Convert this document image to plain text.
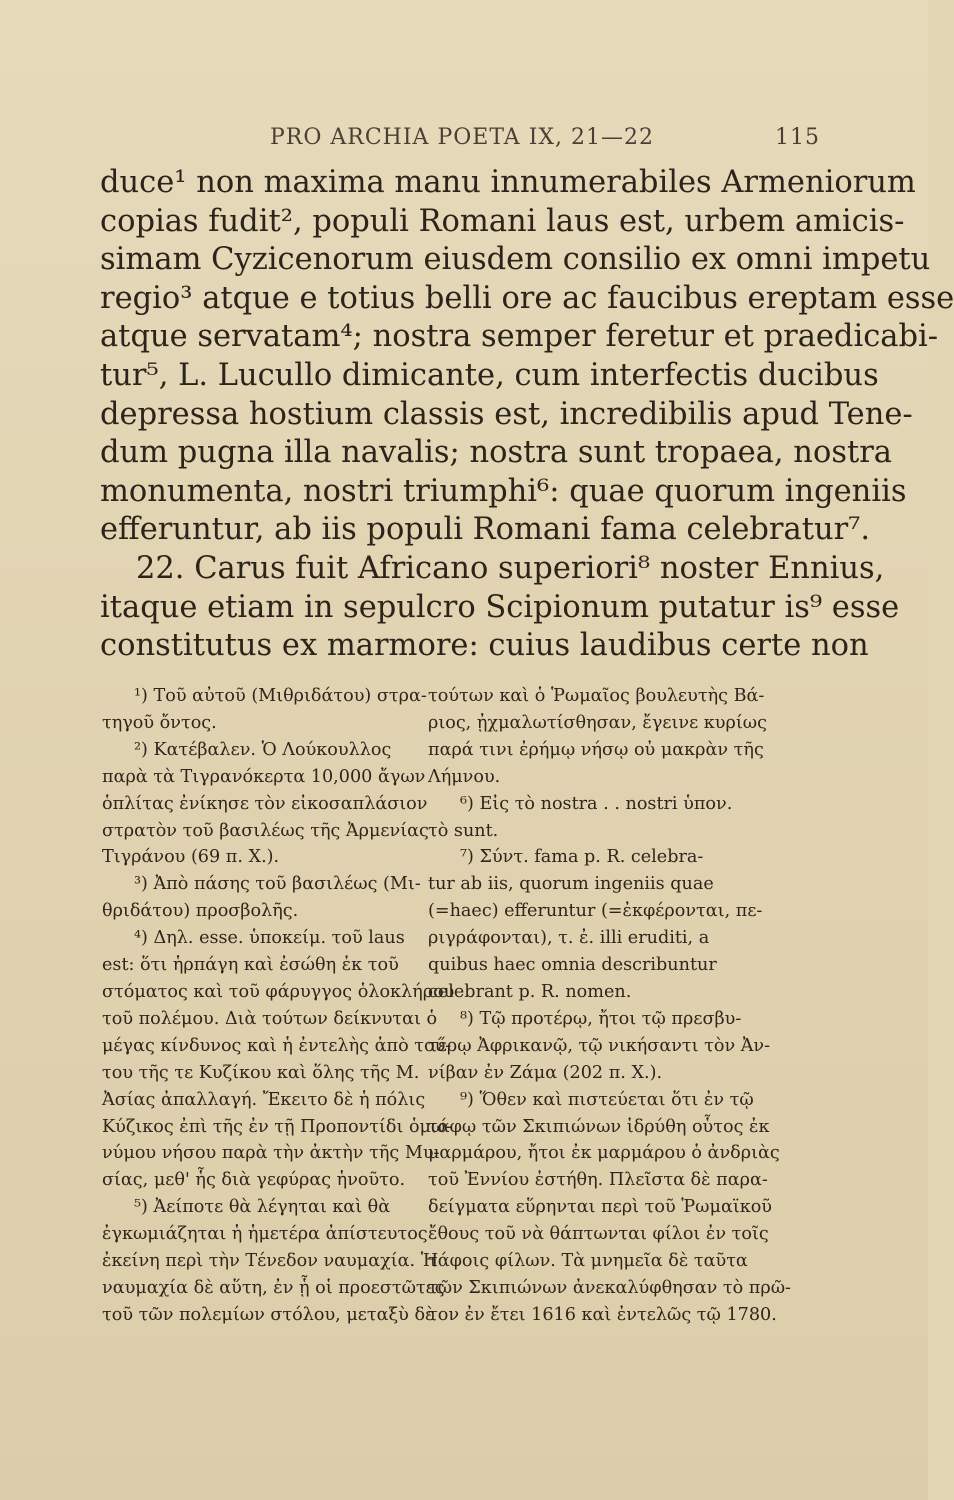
PRO ARCHIA POETA IX, 21—22	115
duce¹ non maxima manu innumerabiles Armeniorum
copias fudit², populi Romani laus est, urbem amicis-
simam Cyzicenorum eiusdem consilio ex omni impetu
regio³ atque e totius belli ore ac faucibus ereptam esse
atque servatam⁴; nostra semper feretur et praedicabi-
tur⁵, L. Lucullo dimicante, cum interfectis ducibus
depressa hostium classis est, incredibilis apud Tene-
dum pugna illa navalis; nostra sunt tropaea, nostra
monumenta, nostri triumphi⁶: quae quorum ingeniis
efferuntur, ab iis populi Romani fama celebratur⁷.
22. Carus fuit Africano superiori⁸ noster Ennius,
itaque etiam in sepulcro Scipionum putatur is⁹ esse
constitutus ex marmore: cuius laudibus certe non
¹) Τοῦ αὐτοῦ (Μιθριδάτου) στρα-
τηγοῦ ὄντος.
²) Κατέβαλεν. Ὁ Λούκουλλος
παρὰ τὰ Τιγρανόκερτα 10,000 ἄγων
ὁπλίτας ἐνίκησε τὸν εἰκοσαπλάσιον
στρατὸν τοῦ βασιλέως τῆς Ἀρμενίας
Τιγράνου (69 π. Χ.).
³) Ἀπὸ πάσης τοῦ βασιλέως (Μι-
θριδάτου) προσβολῆς.
⁴) Δηλ. esse. ὑποκείμ. τοῦ laus
est: ὅτι ἡρπάγη καὶ ἐσώθη ἐκ τοῦ
στόματος καὶ τοῦ φάρυγγος ὁλοκλήρου
τοῦ πολέμου. Διὰ τούτων δείκνυται ὁ
μέγας κίνδυνος καὶ ἡ ἐντελὴς ἀπὸ τού-
του τῆς τε Κυζίκου καὶ ὅλης τῆς Μ.
Ἀσίας ἀπαλλαγή. Ἔκειτο δὲ ἡ πόλις
Κύζικος ἐπὶ τῆς ἐν τῇ Προποντίδι ὁμω-
νύμου νήσου παρὰ τὴν ἀκτὴν τῆς Μυ-
σίας, μεθ' ἧς διὰ γεφύρας ἡνοῦτο.
⁵) Ἀείποτε θὰ λέγηται καὶ θὰ
ἐγκωμιάζηται ἡ ἡμετέρα ἀπίστευτος
ἐκείνη περὶ τὴν Τένεδον ναυμαχία. Ἡ
ναυμαχία δὲ αὕτη, ἐν ᾗ οἱ προεστῶτες
τοῦ τῶν πολεμίων στόλου, μεταξὺ δὲ
τούτων καὶ ὁ Ῥωμαῖος βουλευτὴς Βά-
ριος, ᾐχμαλωτίσθησαν, ἔγεινε κυρίως
παρά τινι ἐρήμῳ νήσῳ οὐ μακρὰν τῆς
Λήμνου.
⁶) Εἰς τὸ nostra . . nostri ὑπον.
τὸ sunt.
⁷) Σύντ. fama p. R. celebra-
tur ab iis, quorum ingeniis quae
(=haec) efferuntur (=ἐκφέρονται, πε-
ριγράφονται), τ. ἐ. illi eruditi, a
quibus haec omnia describuntur
celebrant p. R. nomen.
⁸) Τῷ προτέρῳ, ἤτοι τῷ πρεσβυ-
τέρῳ Ἀφρικανῷ, τῷ νικήσαντι τὸν Ἀν-
νίβαν ἐν Ζάμα (202 π. Χ.).
⁹) Ὅθεν καὶ πιστεύεται ὅτι ἐν τῷ
τάφῳ τῶν Σκιπιώνων ἱδρύθη οὗτος ἐκ
μαρμάρου, ἤτοι ἐκ μαρμάρου ὁ ἀνδριὰς
τοῦ Ἐννίου ἐστήθη. Πλεῖστα δὲ παρα-
δείγματα εὕρηνται περὶ τοῦ Ῥωμαϊκοῦ
ἔθους τοῦ νὰ θάπτωνται φίλοι ἐν τοῖς
τάφοις φίλων. Τὰ μνημεῖα δὲ ταῦτα
τῶν Σκιπιώνων ἀνεκαλύφθησαν τὸ πρῶ-
τον ἐν ἔτει 1616 καὶ ἐντελῶς τῷ 1780.
